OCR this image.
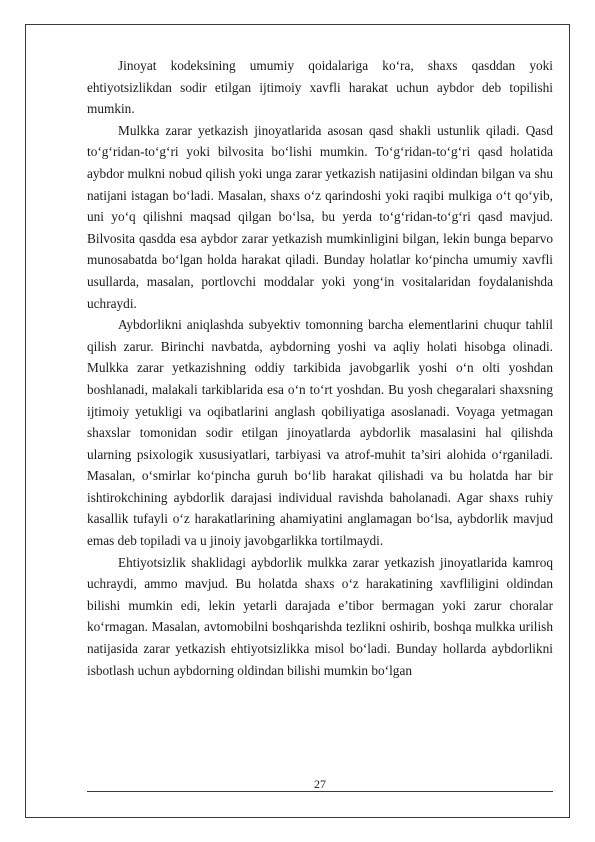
Jinoyat kodeksining umumiy qoidalariga ko‘ra, shaxs qasddan yoki ehtiyotsizlikdan sodir etilgan ijtimoiy xavfli harakat uchun aybdor deb topilishi mumkin.

Mulkka zarar yetkazish jinoyatlarida asosan qasd shakli ustunlik qiladi. Qasd to‘g‘ridan-to‘g‘ri yoki bilvosita bo‘lishi mumkin. To‘g‘ridan-to‘g‘ri qasd holatida aybdor mulkni nobud qilish yoki unga zarar yetkazish natijasini oldindan bilgan va shu natijani istagan bo‘ladi. Masalan, shaxs o‘z qarindoshi yoki raqibi mulkiga o‘t qo‘yib, uni yo‘q qilishni maqsad qilgan bo‘lsa, bu yerda to‘g‘ridan-to‘g‘ri qasd mavjud. Bilvosita qasdda esa aybdor zarar yetkazish mumkinligini bilgan, lekin bunga beparvo munosabatda bo‘lgan holda harakat qiladi. Bunday holatlar ko‘pincha umumiy xavfli usullarda, masalan, portlovchi moddalar yoki yong‘in vositalaridan foydalanishda uchraydi.

Aybdorlikni aniqlashda subyektiv tomonning barcha elementlarini chuqur tahlil qilish zarur. Birinchi navbatda, aybdorning yoshi va aqliy holati hisobga olinadi. Mulkka zarar yetkazishning oddiy tarkibida javobgarlik yoshi o‘n olti yoshdan boshlanadi, malakali tarkiblarida esa o‘n to‘rt yoshdan. Bu yosh chegaralari shaxsning ijtimoiy yetukligi va oqibatlarini anglash qobiliyatiga asoslanadi. Voyaga yetmagan shaxslar tomonidan sodir etilgan jinoyatlarda aybdorlik masalasini hal qilishda ularning psixologik xususiyatlari, tarbiyasi va atrof-muhit ta’siri alohida o‘rganiladi. Masalan, o‘smirlar ko‘pincha guruh bo‘lib harakat qilishadi va bu holatda har bir ishtirokchining aybdorlik darajasi individual ravishda baholanadi. Agar shaxs ruhiy kasallik tufayli o‘z harakatlarining ahamiyatini anglamagan bo‘lsa, aybdorlik mavjud emas deb topiladi va u jinoiy javobgarlikka tortilmaydi.

Ehtiyotsizlik shaklidagi aybdorlik mulkka zarar yetkazish jinoyatlarida kamroq uchraydi, ammo mavjud. Bu holatda shaxs o‘z harakatining xavfliligini oldindan bilishi mumkin edi, lekin yetarli darajada e’tibor bermagan yoki zarur choralar ko‘rmagan. Masalan, avtomobilni boshqarishda tezlikni oshirib, boshqa mulkka urilish natijasida zarar yetkazish ehtiyotsizlikka misol bo‘ladi. Bunday hollarda aybdorlikni isbotlash uchun aybdorning oldindan bilishi mumkin bo‘lgan

27
